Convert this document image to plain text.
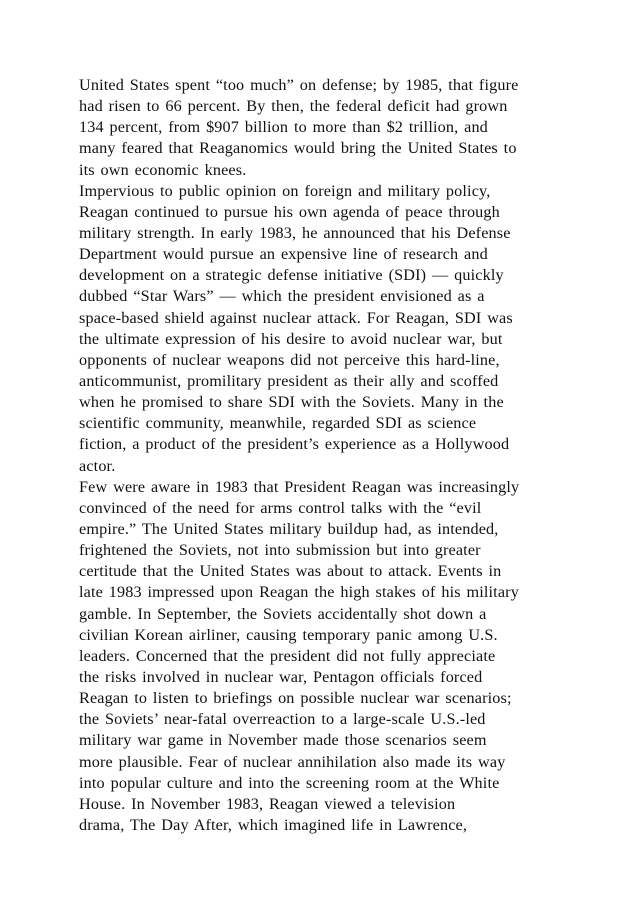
United States spent “too much” on defense; by 1985, that figure
had risen to 66 percent. By then, the federal deficit had grown
134 percent, from $907 billion to more than $2 trillion, and
many feared that Reaganomics would bring the United States to
its own economic knees.
Impervious to public opinion on foreign and military policy,
Reagan continued to pursue his own agenda of peace through
military strength. In early 1983, he announced that his Defense
Department would pursue an expensive line of research and
development on a strategic defense initiative (SDI) — quickly
dubbed “Star Wars” — which the president envisioned as a
space-based shield against nuclear attack. For Reagan, SDI was
the ultimate expression of his desire to avoid nuclear war, but
opponents of nuclear weapons did not perceive this hard-line,
anticommunist, promilitary president as their ally and scoffed
when he promised to share SDI with the Soviets. Many in the
scientific community, meanwhile, regarded SDI as science
fiction, a product of the president’s experience as a Hollywood
actor.
Few were aware in 1983 that President Reagan was increasingly
convinced of the need for arms control talks with the “evil
empire.” The United States military buildup had, as intended,
frightened the Soviets, not into submission but into greater
certitude that the United States was about to attack. Events in
late 1983 impressed upon Reagan the high stakes of his military
gamble. In September, the Soviets accidentally shot down a
civilian Korean airliner, causing temporary panic among U.S.
leaders. Concerned that the president did not fully appreciate
the risks involved in nuclear war, Pentagon officials forced
Reagan to listen to briefings on possible nuclear war scenarios;
the Soviets’ near-fatal overreaction to a large-scale U.S.-led
military war game in November made those scenarios seem
more plausible. Fear of nuclear annihilation also made its way
into popular culture and into the screening room at the White
House. In November 1983, Reagan viewed a television
drama, The Day After, which imagined life in Lawrence,
